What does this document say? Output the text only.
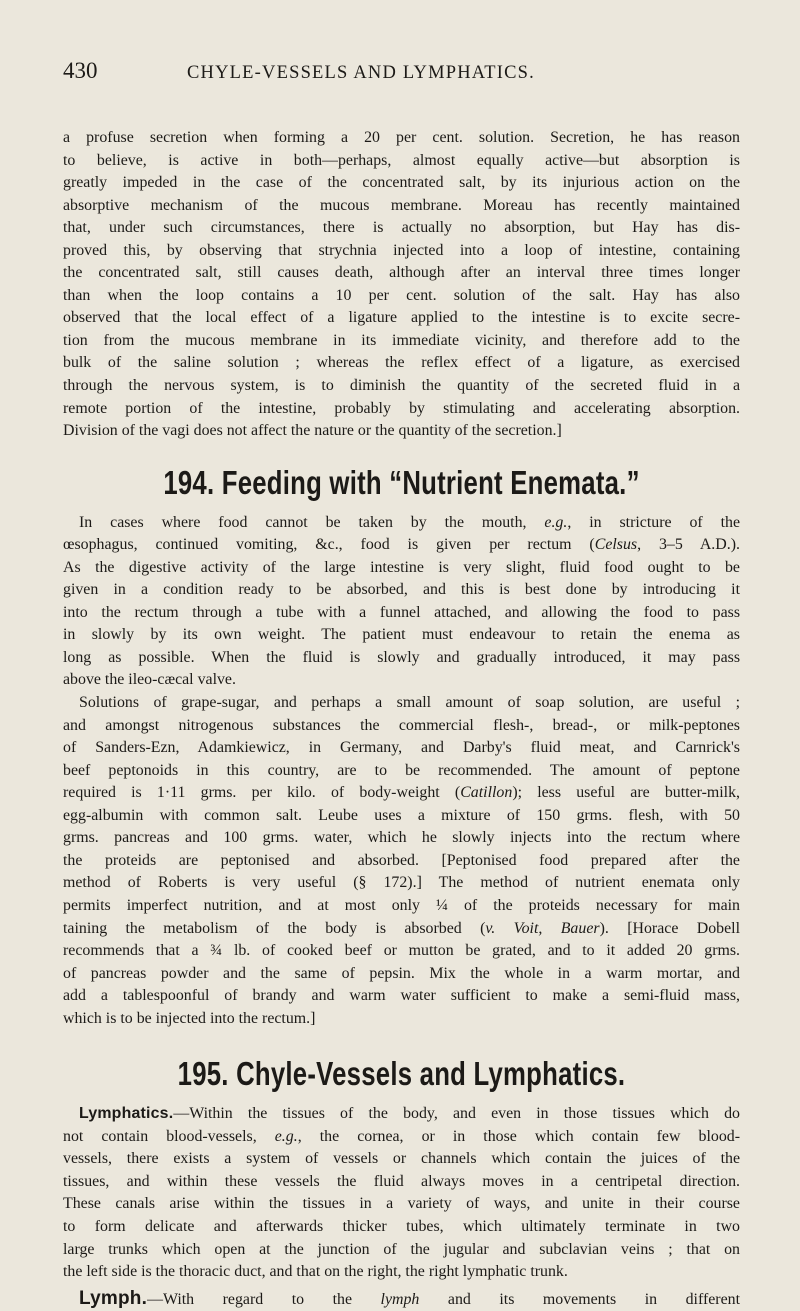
430	CHYLE-VESSELS AND LYMPHATICS.

a profuse secretion when forming a 20 per cent. solution. Secretion, he has reason
to believe, is active in both—perhaps, almost equally active—but absorption is
greatly impeded in the case of the concentrated salt, by its injurious action on the
absorptive mechanism of the mucous membrane. Moreau has recently maintained
that, under such circumstances, there is actually no absorption, but Hay has dis-
proved this, by observing that strychnia injected into a loop of intestine, containing
the concentrated salt, still causes death, although after an interval three times longer
than when the loop contains a 10 per cent. solution of the salt. Hay has also
observed that the local effect of a ligature applied to the intestine is to excite secre-
tion from the mucous membrane in its immediate vicinity, and therefore add to the
bulk of the saline solution ; whereas the reflex effect of a ligature, as exercised
through the nervous system, is to diminish the quantity of the secreted fluid in a
remote portion of the intestine, probably by stimulating and accelerating absorption.
Division of the vagi does not affect the nature or the quantity of the secretion.]

194. Feeding with “Nutrient Enemata.”

In cases where food cannot be taken by the mouth, e.g., in stricture of the
œsophagus, continued vomiting, &c., food is given per rectum (Celsus, 3–5 A.D.).
As the digestive activity of the large intestine is very slight, fluid food ought to be
given in a condition ready to be absorbed, and this is best done by introducing it
into the rectum through a tube with a funnel attached, and allowing the food to pass
in slowly by its own weight. The patient must endeavour to retain the enema as
long as possible. When the fluid is slowly and gradually introduced, it may pass
above the ileo-cæcal valve.

Solutions of grape-sugar, and perhaps a small amount of soap solution, are useful ;
and amongst nitrogenous substances the commercial flesh-, bread-, or milk-peptones
of Sanders-Ezn, Adamkiewicz, in Germany, and Darby's fluid meat, and Carnrick's
beef peptonoids in this country, are to be recommended. The amount of peptone
required is 1·11 grms. per kilo. of body-weight (Catillon); less useful are butter-milk,
egg-albumin with common salt. Leube uses a mixture of 150 grms. flesh, with 50
grms. pancreas and 100 grms. water, which he slowly injects into the rectum where
the proteids are peptonised and absorbed. [Peptonised food prepared after the
method of Roberts is very useful (§ 172).] The method of nutrient enemata only
permits imperfect nutrition, and at most only ¼ of the proteids necessary for main
taining the metabolism of the body is absorbed (v. Voit, Bauer). [Horace Dobell
recommends that a ¾ lb. of cooked beef or mutton be grated, and to it added 20 grms.
of pancreas powder and the same of pepsin. Mix the whole in a warm mortar, and
add a tablespoonful of brandy and warm water sufficient to make a semi-fluid mass,
which is to be injected into the rectum.]

195. Chyle-Vessels and Lymphatics.

Lymphatics.—Within the tissues of the body, and even in those tissues which do
not contain blood-vessels, e.g., the cornea, or in those which contain few blood-
vessels, there exists a system of vessels or channels which contain the juices of the
tissues, and within these vessels the fluid always moves in a centripetal direction.
These canals arise within the tissues in a variety of ways, and unite in their course
to form delicate and afterwards thicker tubes, which ultimately terminate in two
large trunks which open at the junction of the jugular and subclavian veins ; that on
the left side is the thoracic duct, and that on the right, the right lymphatic trunk.

Lymph.—With regard to the lymph and its movements in different
